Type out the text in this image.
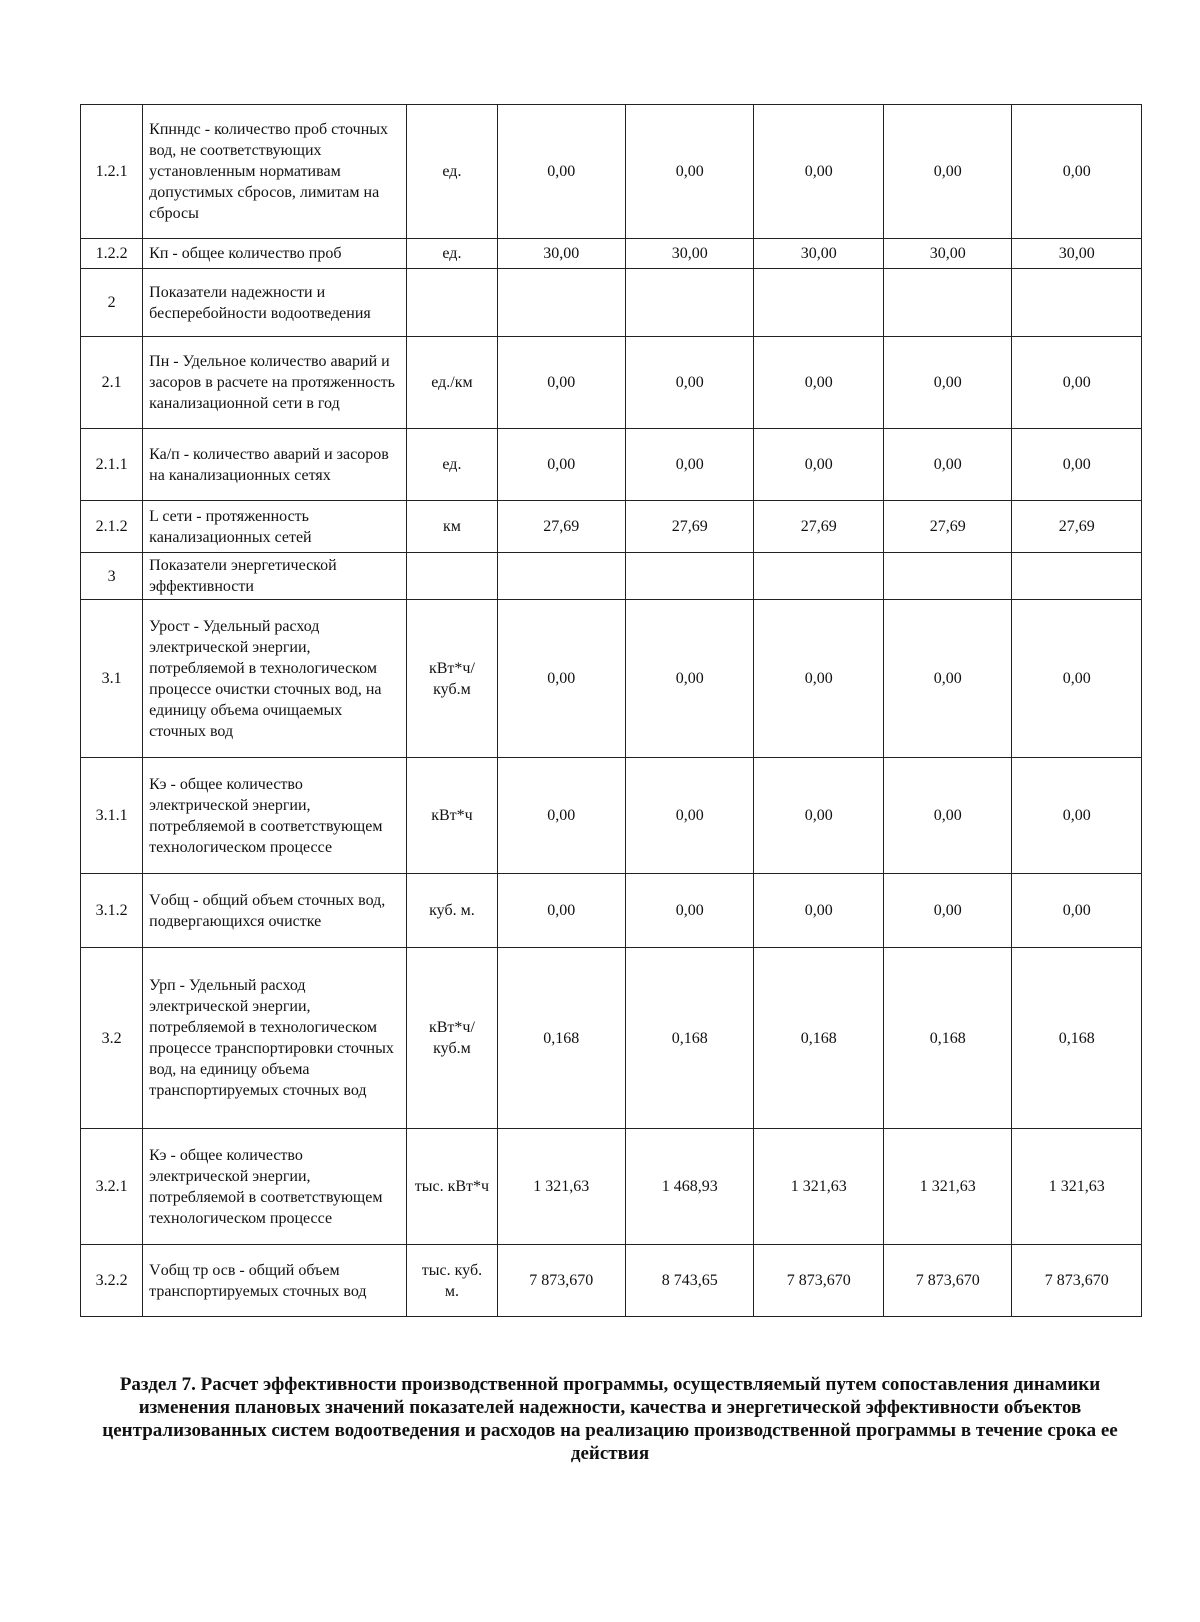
1.2.1	Кпнндс - количество проб сточных вод, не соответствующих установленным нормативам допустимых сбросов, лимитам на сбросы	ед.	0,00	0,00	0,00	0,00	0,00
1.2.2	Кп - общее количество проб	ед.	30,00	30,00	30,00	30,00	30,00
2	Показатели надежности и бесперебойности водоотведения						
2.1	Пн - Удельное количество аварий и засоров в расчете на протяженность канализационной сети в год	ед./км	0,00	0,00	0,00	0,00	0,00
2.1.1	Ка/п - количество аварий и засоров на канализационных сетях	ед.	0,00	0,00	0,00	0,00	0,00
2.1.2	L сети - протяженность канализационных сетей	км	27,69	27,69	27,69	27,69	27,69
3	Показатели энергетической эффективности						
3.1	Урост - Удельный расход электрической энергии, потребляемой в технологическом процессе очистки сточных вод, на единицу объема очищаемых сточных вод	кВт*ч/куб.м	0,00	0,00	0,00	0,00	0,00
3.1.1	Кэ - общее количество электрической энергии, потребляемой в соответствующем технологическом процессе	кВт*ч	0,00	0,00	0,00	0,00	0,00
3.1.2	Vобщ - общий объем сточных вод, подвергающихся очистке	куб. м.	0,00	0,00	0,00	0,00	0,00
3.2	Урп - Удельный расход электрической энергии, потребляемой в технологическом процессе транспортировки сточных вод, на единицу объема транспортируемых сточных вод	кВт*ч/куб.м	0,168	0,168	0,168	0,168	0,168
3.2.1	Кэ - общее количество электрической энергии, потребляемой в соответствующем технологическом процессе	тыс. кВт*ч	1 321,63	1 468,93	1 321,63	1 321,63	1 321,63
3.2.2	Vобщ тр осв - общий объем транспортируемых сточных вод	тыс. куб. м.	7 873,670	8 743,65	7 873,670	7 873,670	7 873,670
Раздел 7. Расчет эффективности производственной программы, осуществляемый путем сопоставления динамики изменения плановых значений показателей надежности, качества и энергетической эффективности объектов централизованных систем водоотведения и расходов на реализацию производственной программы в течение срока ее действия
